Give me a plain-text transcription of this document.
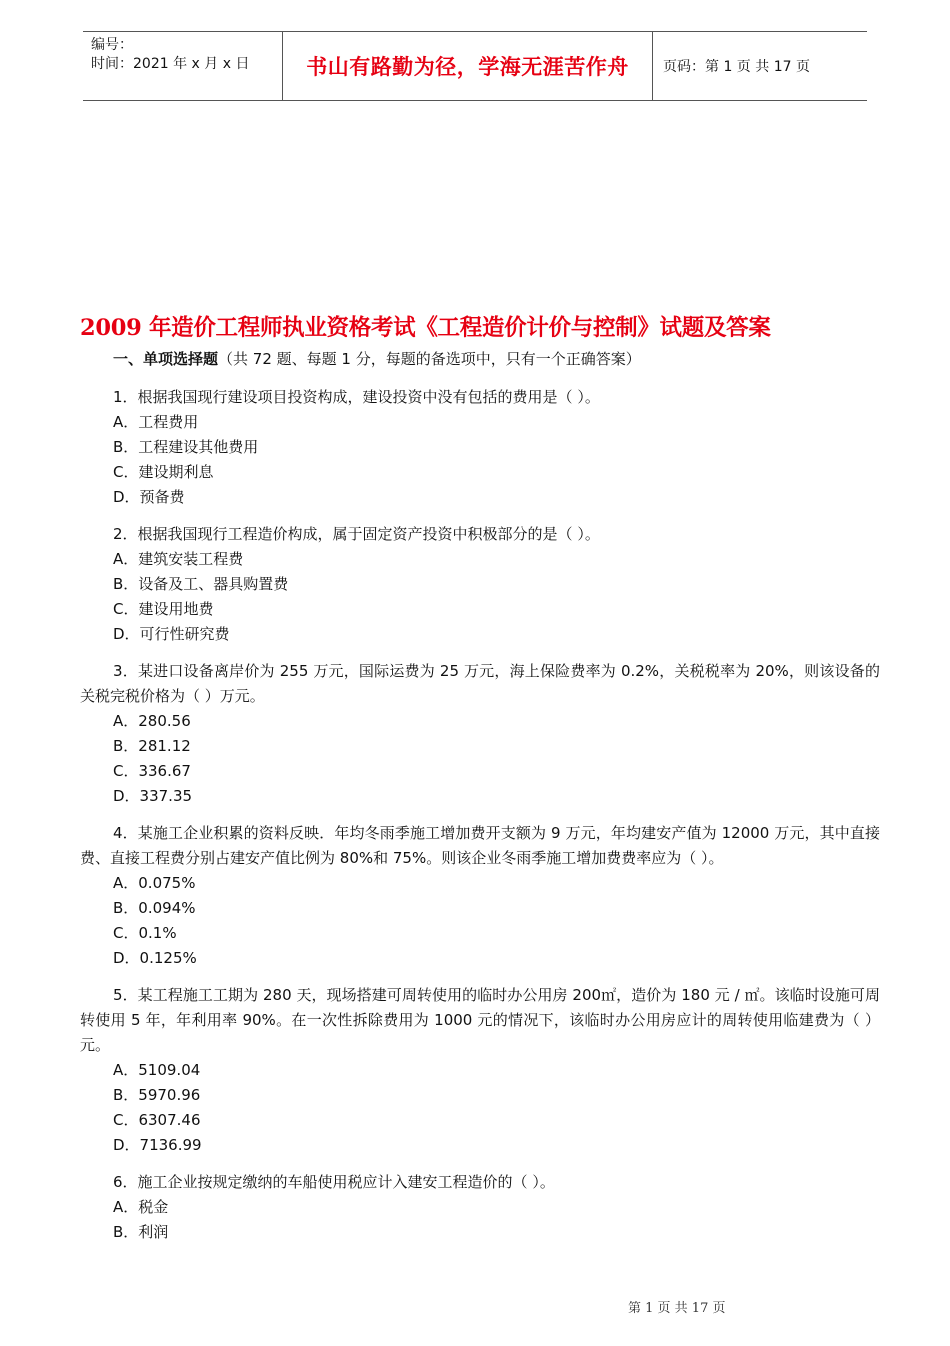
编号：
时间：2021 年 x 月 x 日	书山有路勤为径，学海无涯苦作舟 页码：第 1 页 共 17 页
2009 年造价工程师执业资格考试《工程造价计价与控制》试题及答案
一、单项选择题（共 72 题、每题 1 分，每题的备选项中，只有一个正确答案）
1．根据我国现行建设项目投资构成，建设投资中没有包括的费用是（ ）。
A．工程费用
B．工程建设其他费用
C．建设期利息
D．预备费
2．根据我国现行工程造价构成，属于固定资产投资中积极部分的是（ ）。
A．建筑安装工程费
B．设备及工、器具购置费
C．建设用地费
D．可行性研究费
3．某进口设备离岸价为 255 万元，国际运费为 25 万元，海上保险费率为 0.2%，关税税率为 20%，则该设备的关税完税价格为（ ）万元。
A．280.56
B．281.12
C．336.67
D．337.35
4．某施工企业积累的资料反映．年均冬雨季施工增加费开支额为 9 万元，年均建安产值为 12000 万元，其中直接费、直接工程费分别占建安产值比例为 80%和 75%。则该企业冬雨季施工增加费费率应为（ ）。
A．0.075%
B．0.094%
C．0.1%
D．0.125%
5．某工程施工工期为 280 天，现场搭建可周转使用的临时办公用房 200㎡，造价为 180 元 / ㎡。该临时设施可周转使用 5 年，年利用率 90%。在一次性拆除费用为 1000 元的情况下，该临时办公用房应计的周转使用临建费为（ ）元。
A．5109.04
B．5970.96
C．6307.46
D．7136.99
6．施工企业按规定缴纳的车船使用税应计入建安工程造价的（ ）。
A．税金
B．利润
第 1 页 共 17 页
